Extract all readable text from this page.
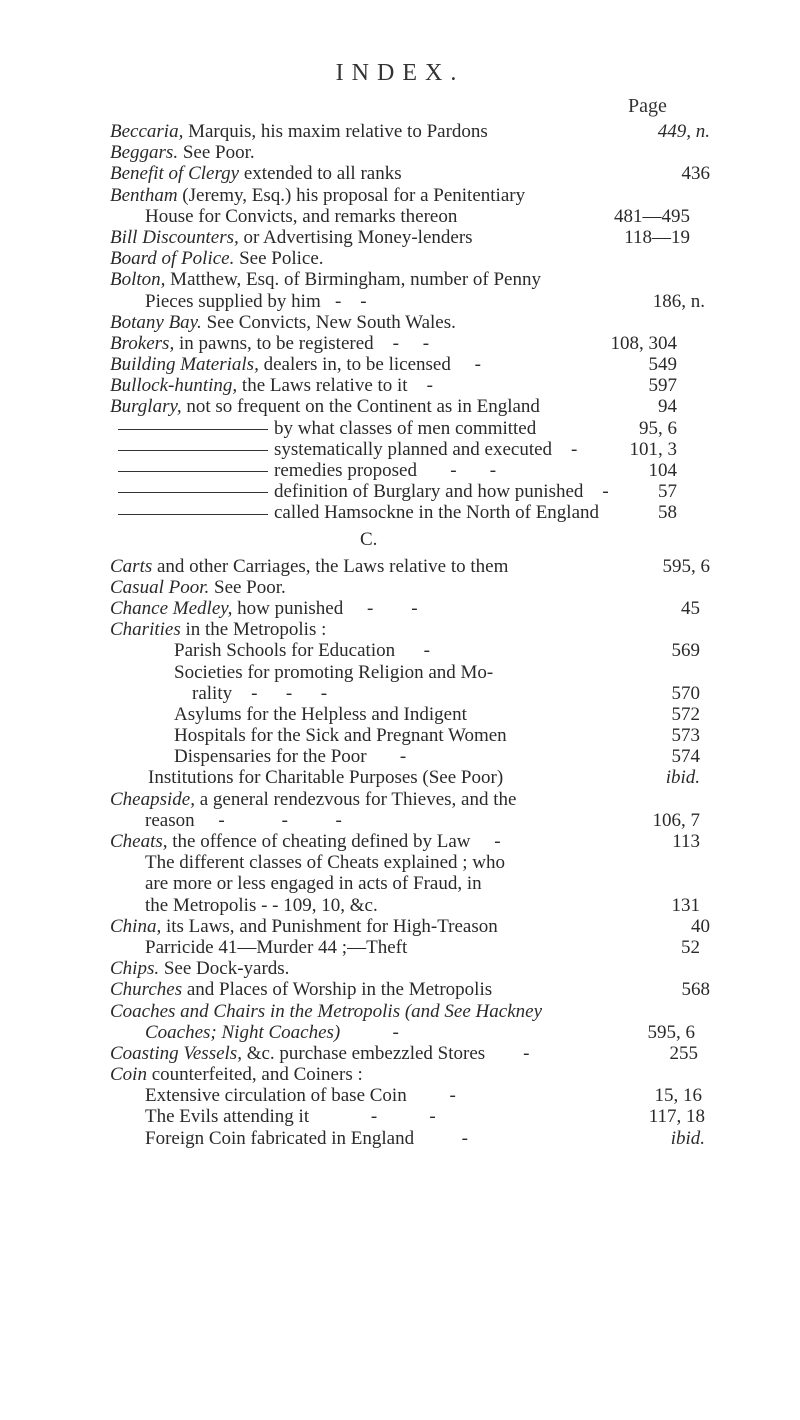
INDEX.
Page
Beccaria, Marquis, his maxim relative to Pardons	449, n.
Beggars. See Poor.
Benefit of Clergy extended to all ranks	436
Bentham (Jeremy, Esq.) his proposal for a Penitentiary
House for Convicts, and remarks thereon	481—495
Bill Discounters, or Advertising Money-lenders	118—19
Board of Police. See Police.
Bolton, Matthew, Esq. of Birmingham, number of Penny
Pieces supplied by him   -    -	186, n.
Botany Bay. See Convicts, New South Wales.
Brokers, in pawns, to be registered    -     -	108, 304
Building Materials, dealers in, to be licensed     -	549
Bullock-hunting, the Laws relative to it    -	597
Burglary, not so frequent on the Continent as in England	94
by what classes of men committed	95, 6
systematically planned and executed    -	101, 3
remedies proposed       -       -	104
definition of Burglary and how punished    -	57
called Hamsockne in the North of England	58
C.
Carts and other Carriages, the Laws relative to them	595, 6
Casual Poor. See Poor.
Chance Medley, how punished     -        -	45
Charities in the Metropolis :
Parish Schools for Education      -	569
Societies for promoting Religion and Mo-
rality    -      -      -	570
Asylums for the Helpless and Indigent	572
Hospitals for the Sick and Pregnant Women	573
Dispensaries for the Poor       -	574
Institutions for Charitable Purposes (See Poor)	ibid.
Cheapside, a general rendezvous for Thieves, and the
reason     -            -          -	106, 7
Cheats, the offence of cheating defined by Law     -	113
The different classes of Cheats explained ; who
are more or less engaged in acts of Fraud, in
the Metropolis - - 109, 10, &c.	131
China, its Laws, and Punishment for High-Treason	40
Parricide 41—Murder 44 ;—Theft	52
Chips. See Dock-yards.
Churches and Places of Worship in the Metropolis	568
Coaches and Chairs in the Metropolis (and See Hackney
Coaches; Night Coaches)           -	595, 6
Coasting Vessels, &c. purchase embezzled Stores        -	255
Coin counterfeited, and Coiners :
Extensive circulation of base Coin         -	15, 16
The Evils attending it             -           -	117, 18
Foreign Coin fabricated in England          -	ibid.
